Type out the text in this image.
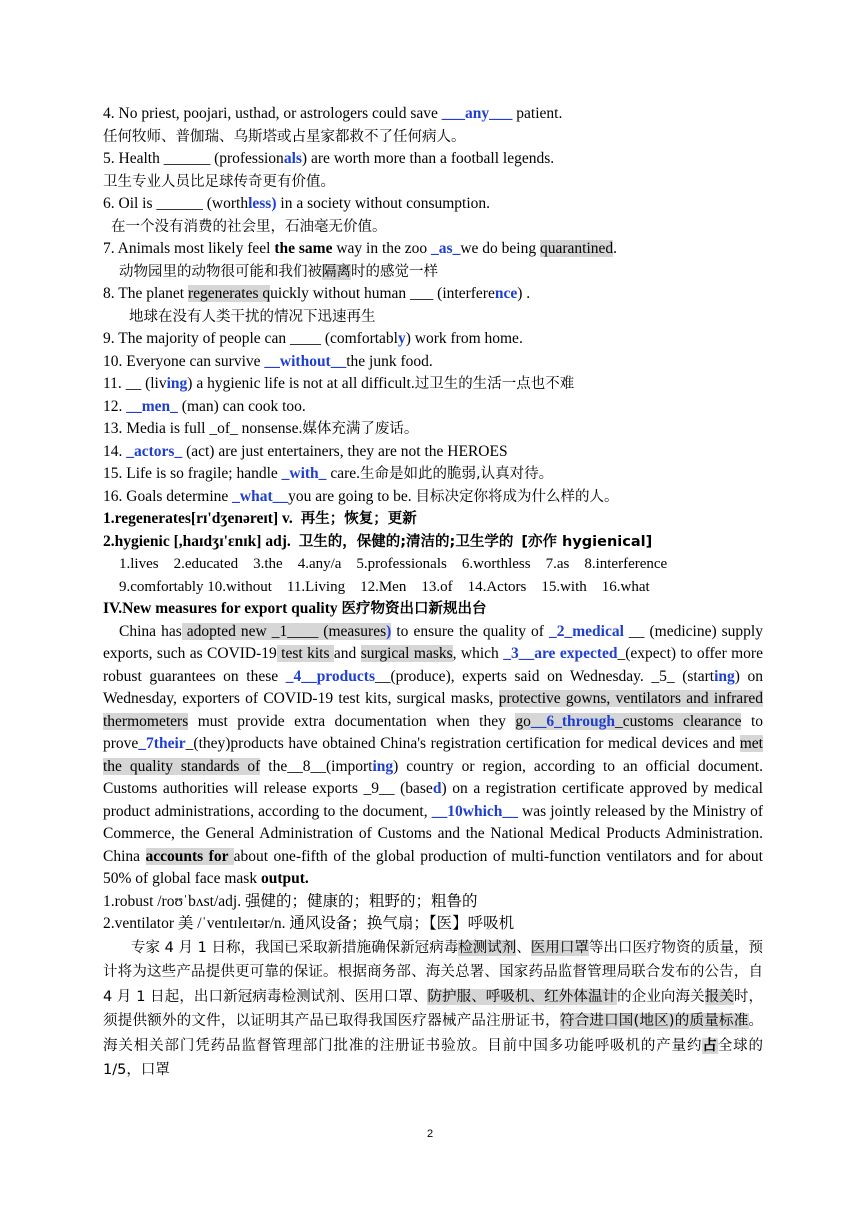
4. No priest, poojari, usthad, or astrologers could save ___any___ patient.
任何牧师、普伽瑞、乌斯塔或占星家都救不了任何病人。
5. Health ______ (professionals) are worth more than a football legends.
卫生专业人员比足球传奇更有价值。
6. Oil is ______ (worthless) in a society without consumption.
在一个没有消费的社会里，石油毫无价值。
7. Animals most likely feel the same way in the zoo _as_we do being quarantined.
动物园里的动物很可能和我们被隔离时的感觉一样
8. The planet regenerates quickly without human ___ (interference) .
地球在没有人类干扰的情况下迅速再生
9. The majority of people can ____ (comfortably) work from home.
10. Everyone can survive __without__the junk food.
11. __ (living) a hygienic life is not at all difficult.过卫生的生活一点也不难
12. __men_ (man) can cook too.
13. Media is full _of_ nonsense.媒体充满了废话。
14. _actors_ (act) are just entertainers, they are not the HEROES
15. Life is so fragile; handle _with_ care.生命是如此的脆弱,认真对待。
16. Goals determine _what__you are going to be. 目标决定你将成为什么样的人。
1.regenerates[rɪ'dʒenəreɪt] v. 再生；恢复；更新
2.hygienic [,haɪdʒɪ'ɛnɪk] adj. 卫生的，保健的;清洁的;卫生学的 [亦作 hygienical]
1.lives    2.educated    3.the    4.any/a    5.professionals    6.worthless    7.as    8.interference
9.comfortably 10.without    11.Living    12.Men    13.of    14.Actors    15.with    16.what
IV.New measures for export quality 医疗物资出口新规出台
China has adopted new _1____ (measures) to ensure the quality of _2_medical __ (medicine) supply exports, such as COVID-19 test kits and surgical masks, which _3__are expected_(expect) to offer more robust guarantees on these _4__products__(produce), experts said on Wednesday. _5_ (starting) on Wednesday, exporters of COVID-19 test kits, surgical masks, protective gowns, ventilators and infrared thermometers must provide extra documentation when they go__6_through_customs clearance to prove_7their_(they)products have obtained China's registration certification for medical devices and met the quality standards of the__8__(importing) country or region, according to an official document. Customs authorities will release exports _9__ (based) on a registration certificate approved by medical product administrations, according to the document, __10which__ was jointly released by the Ministry of Commerce, the General Administration of Customs and the National Medical Products Administration. China accounts for about one-fifth of the global production of multi-function ventilators and for about 50% of global face mask output.
1.robust /roʊˈbʌst/adj. 强健的；健康的；粗野的；粗鲁的
2.ventilator 美 /ˈventɪleɪtər/n. 通风设备；换气扇；【医】呼吸机
专家 4 月 1 日称，我国已采取新措施确保新冠病毒检测试剂、医用口罩等出口医疗物资的质量，预计将为这些产品提供更可靠的保证。根据商务部、海关总署、国家药品监督管理局联合发布的公告，自 4 月 1 日起，出口新冠病毒检测试剂、医用口罩、防护服、呼吸机、红外体温计的企业向海关报关时，须提供额外的文件，以证明其产品已取得我国医疗器械产品注册证书，符合进口国(地区)的质量标准。海关相关部门凭药品监督管理部门批准的注册证书验放。目前中国多功能呼吸机的产量约占全球的 1/5，口罩
2
